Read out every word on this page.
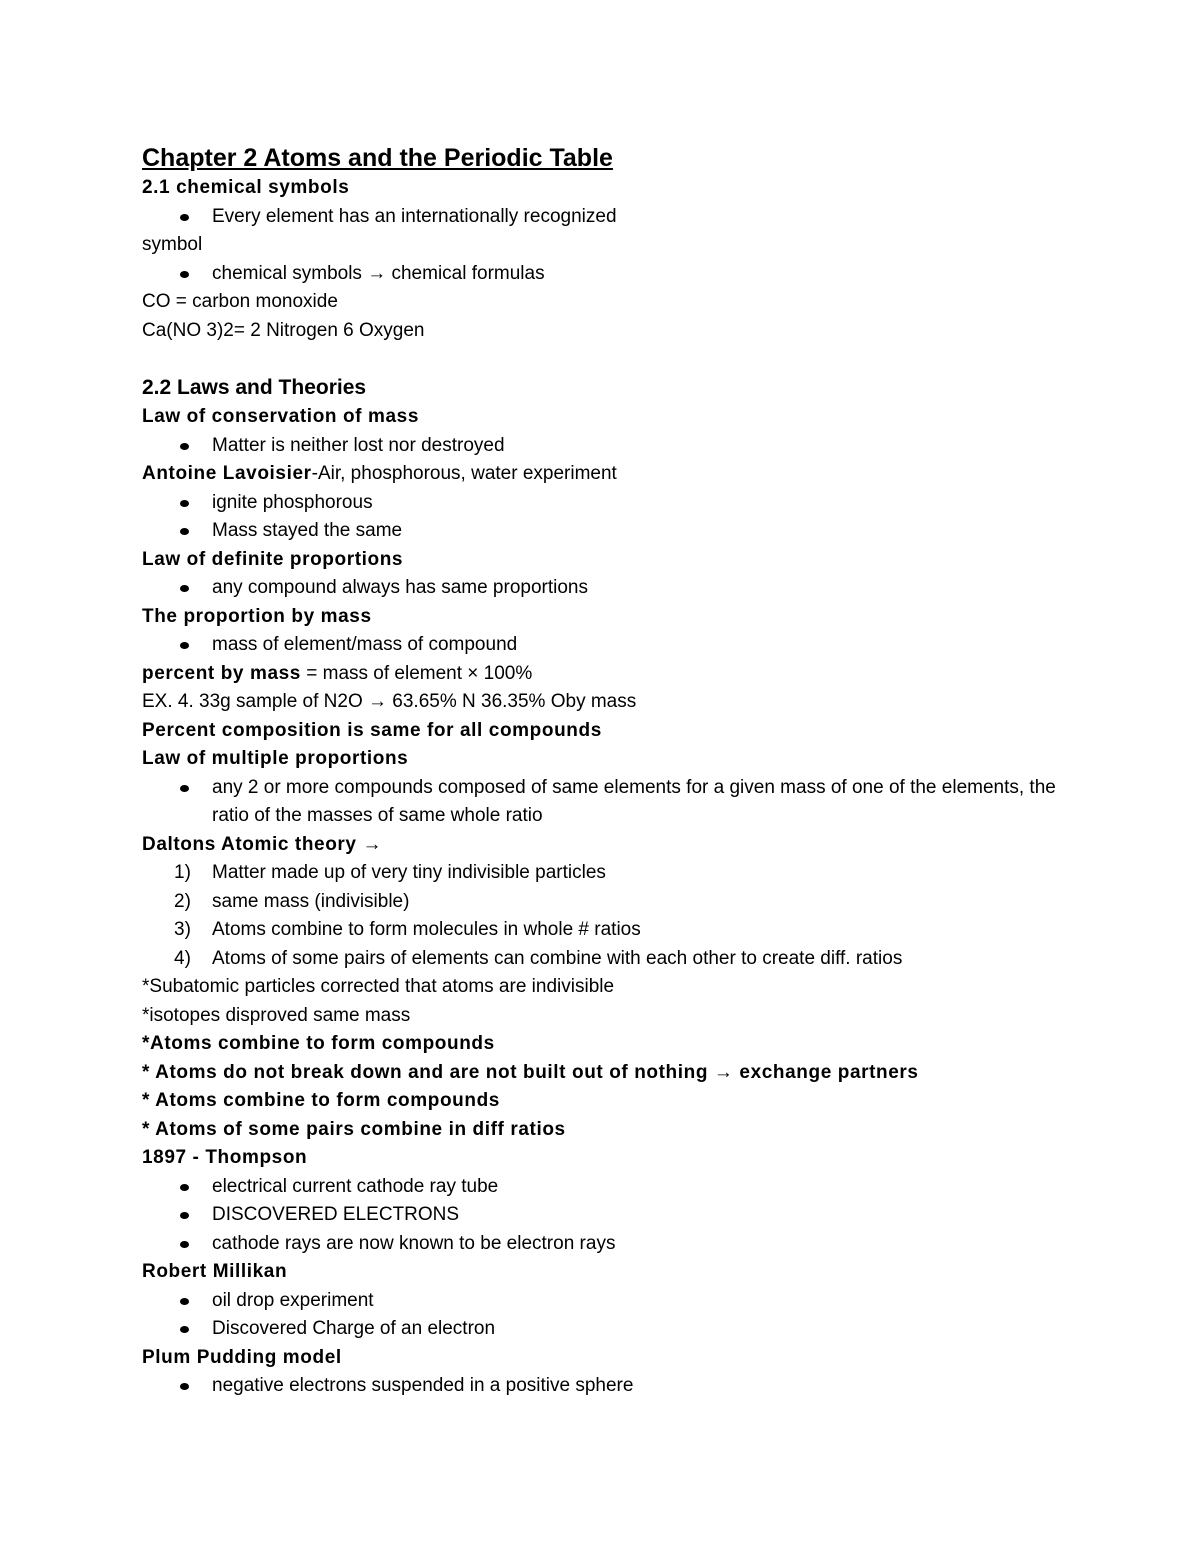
Chapter 2 Atoms and the Periodic Table
2.1 chemical symbols
Every element has an internationally recognized
symbol
chemical symbols → chemical formulas
CO = carbon monoxide
Ca(NO 3)2= 2 Nitrogen 6 Oxygen
2.2 Laws and Theories
Law of conservation of mass
Matter is neither lost nor destroyed
Antoine Lavoisier-Air, phosphorous, water experiment
ignite phosphorous
Mass stayed the same
Law of definite proportions
any compound always has same proportions
The proportion by mass
mass of element/mass of compound
percent by mass = mass of element × 100%
EX. 4. 33g sample of N2O → 63.65% N 36.35% Oby mass
Percent composition is same for all compounds
Law of multiple proportions
any 2 or more compounds composed of same elements for a given mass of one of the elements, the ratio of the masses of same whole ratio
Daltons Atomic theory →
1) Matter made up of very tiny indivisible particles
2) same mass (indivisible)
3) Atoms combine to form molecules in whole # ratios
4) Atoms of some pairs of elements can combine with each other to create diff. ratios
*Subatomic particles corrected that atoms are indivisible
*isotopes disproved same mass
*Atoms combine to form compounds
* Atoms do not break down and are not built out of nothing → exchange partners
* Atoms combine to form compounds
* Atoms of some pairs combine in diff ratios
1897 - Thompson
electrical current cathode ray tube
DISCOVERED ELECTRONS
cathode rays are now known to be electron rays
Robert Millikan
oil drop experiment
Discovered Charge of an electron
Plum Pudding model
negative electrons suspended in a positive sphere
